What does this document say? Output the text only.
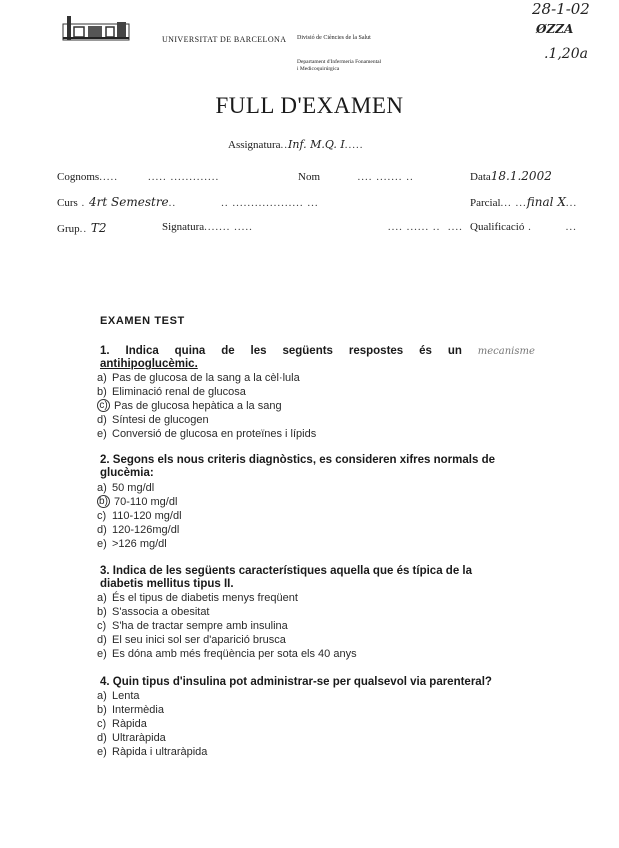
UNIVERSITAT DE BARCELONA Divisió de Ciències de la Salut
Departament d'Infermeria Fonamental
i Medicoquirúrgica
28-1-02
ØZZA
.1,20a
FULL D'EXAMEN
Assignatura..Inf. M.Q. I.....
Cognoms.....        ..... .............	Nom          .... ....... ..	Data18.1.2002
Curs . 4rt Semestre..            .. ................... ...	Parcial... ...final X...
Grup.. T2	Signatura....... .....                                    .... ...... ..  .... Qualificació .         ...
EXAMEN TEST
1. Indica quina de les següents respostes és un mecanisme
antihipoglucèmic.
a) Pas de glucosa de la sang a la cèl·lula
b) Eliminació renal de glucosa
c) Pas de glucosa hepàtica a la sang
d) Síntesi de glucogen
e) Conversió de glucosa en proteïnes i lípids
2. Segons els nous criteris diagnòstics, es consideren xifres normals de glucèmia:
a) 50 mg/dl
b) 70-110 mg/dl
c) 110-120 mg/dl
d) 120-126mg/dl
e) >126 mg/dl
3. Indica de les següents característiques aquella que és típica de la diabetis mellitus tipus II.
a) És el tipus de diabetis menys freqüent
b) S'associa a obesitat
c) S'ha de tractar sempre amb insulina
d) El seu inici sol ser d'aparició brusca
e) Es dóna amb més freqüència per sota els 40 anys
4. Quin tipus d'insulina pot administrar-se per qualsevol via parenteral?
a) Lenta
b) Intermèdia
c) Ràpida
d) Ultraràpida
e) Ràpida i ultraràpida
